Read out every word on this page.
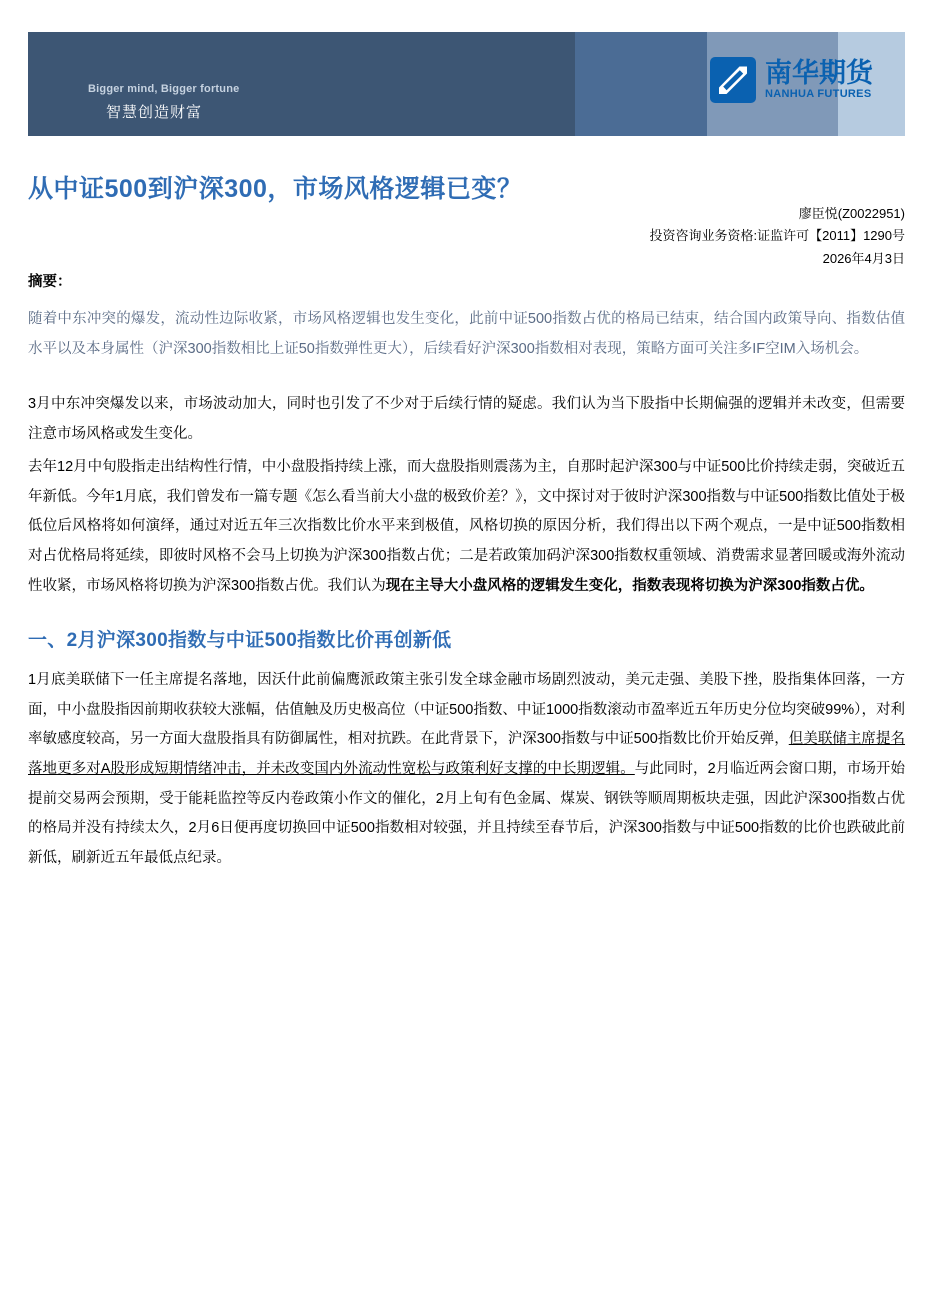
Bigger mind, Bigger fortune
智慧创造财富
南华期货
NANHUA FUTURES
从中证500到沪深300，市场风格逻辑已变？
廖臣悦(Z0022951)
投资咨询业务资格:证监许可【2011】1290号
2026年4月3日
摘要：
随着中东冲突的爆发，流动性边际收紧，市场风格逻辑也发生变化，此前中证500指数占优的格局已结束，结合国内政策导向、指数估值水平以及本身属性（沪深300指数相比上证50指数弹性更大），后续看好沪深300指数相对表现，策略方面可关注多IF空IM入场机会。

3月中东冲突爆发以来，市场波动加大，同时也引发了不少对于后续行情的疑虑。我们认为当下股指中长期偏强的逻辑并未改变，但需要注意市场风格或发生变化。

去年12月中旬股指走出结构性行情，中小盘股指持续上涨，而大盘股指则震荡为主，自那时起沪深300与中证500比价持续走弱，突破近五年新低。今年1月底，我们曾发布一篇专题《怎么看当前大小盘的极致价差？》，文中探讨对于彼时沪深300指数与中证500指数比值处于极低位后风格将如何演绎，通过对近五年三次指数比价水平来到极值，风格切换的原因分析，我们得出以下两个观点，一是中证500指数相对占优格局将延续，即彼时风格不会马上切换为沪深300指数占优；二是若政策加码沪深300指数权重领域、消费需求显著回暖或海外流动性收紧，市场风格将切换为沪深300指数占优。我们认为现在主导大小盘风格的逻辑发生变化，指数表现将切换为沪深300指数占优。

一、2月沪深300指数与中证500指数比价再创新低

1月底美联储下一任主席提名落地，因沃什此前偏鹰派政策主张引发全球金融市场剧烈波动，美元走强、美股下挫，股指集体回落，一方面，中小盘股指因前期收获较大涨幅，估值触及历史极高位（中证500指数、中证1000指数滚动市盈率近五年历史分位均突破99%），对利率敏感度较高，另一方面大盘股指具有防御属性，相对抗跌。在此背景下，沪深300指数与中证500指数比价开始反弹，但美联储主席提名落地更多对A股形成短期情绪冲击，并未改变国内外流动性宽松与政策利好支撑的中长期逻辑。与此同时，2月临近两会窗口期，市场开始提前交易两会预期，受于能耗监控等反内卷政策小作文的催化，2月上旬有色金属、煤炭、钢铁等顺周期板块走强，因此沪深300指数占优的格局并没有持续太久，2月6日便再度切换回中证500指数相对较强，并且持续至春节后，沪深300指数与中证500指数的比价也跌破此前新低，刷新近五年最低点纪录。
